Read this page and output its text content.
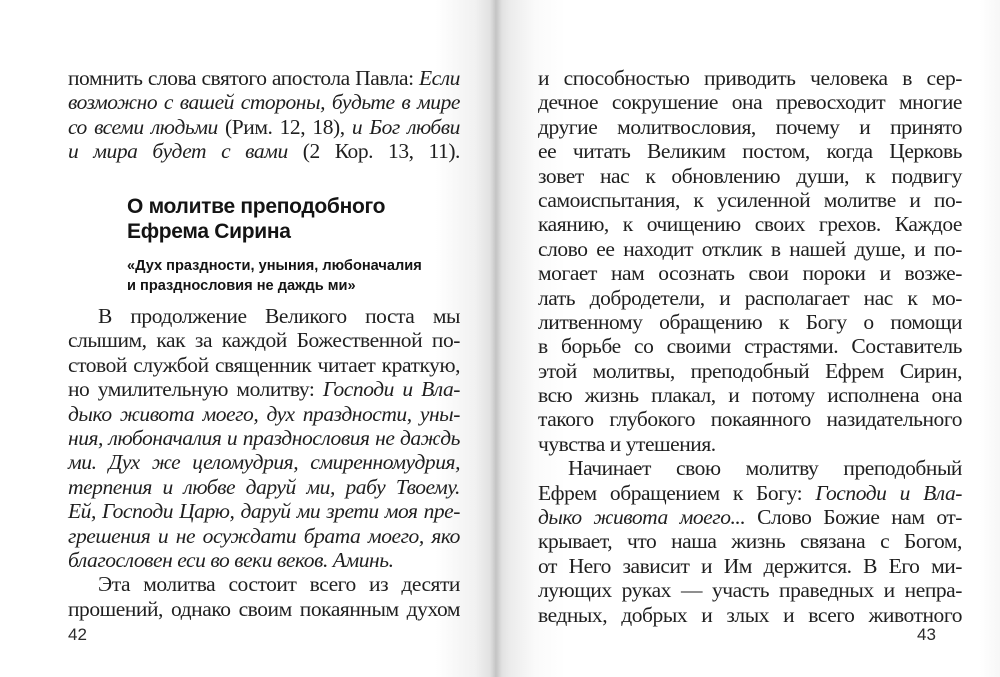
помнить слова святого апостола Павла: Если
возможно с вашей стороны, будьте в мире
со всеми людьми (Рим. 12, 18), и Бог любви
и мира будет с вами (2 Кор. 13, 11).
О молитве преподобного
Ефрема Сирина
«Дух праздности, уныния, любоначалия
и празднословия не даждь ми»
В продолжение Великого поста мы
слышим, как за каждой Божественной по-
стовой службой священник читает краткую,
но умилительную молитву: Господи и Вла-
дыко живота моего, дух праздности, уны-
ния, любоначалия и празднословия не даждь
ми. Дух же целомудрия, смиренномудрия,
терпения и любве даруй ми, рабу Твоему.
Ей, Господи Царю, даруй ми зрети моя пре-
грешения и не осуждати брата моего, яко
благословен еси во веки веков. Аминь.
Эта молитва состоит всего из десяти
прошений, однако своим покаянным духом
и способностью приводить человека в сер-
дечное сокрушение она превосходит многие
другие молитвословия, почему и принято
ее читать Великим постом, когда Церковь
зовет нас к обновлению души, к подвигу
самоиспытания, к усиленной молитве и по-
каянию, к очищению своих грехов. Каждое
слово ее находит отклик в нашей душе, и по-
могает нам осознать свои пороки и возже-
лать добродетели, и располагает нас к мо-
литвенному обращению к Богу о помощи
в борьбе со своими страстями. Составитель
этой молитвы, преподобный Ефрем Сирин,
всю жизнь плакал, и потому исполнена она
такого глубокого покаянного назидательного
чувства и утешения.
Начинает свою молитву преподобный
Ефрем обращением к Богу: Господи и Вла-
дыко живота моего... Слово Божие нам от-
крывает, что наша жизнь связана с Богом,
от Него зависит и Им держится. В Его ми-
лующих руках — участь праведных и непра-
ведных, добрых и злых и всего животного
42	43
